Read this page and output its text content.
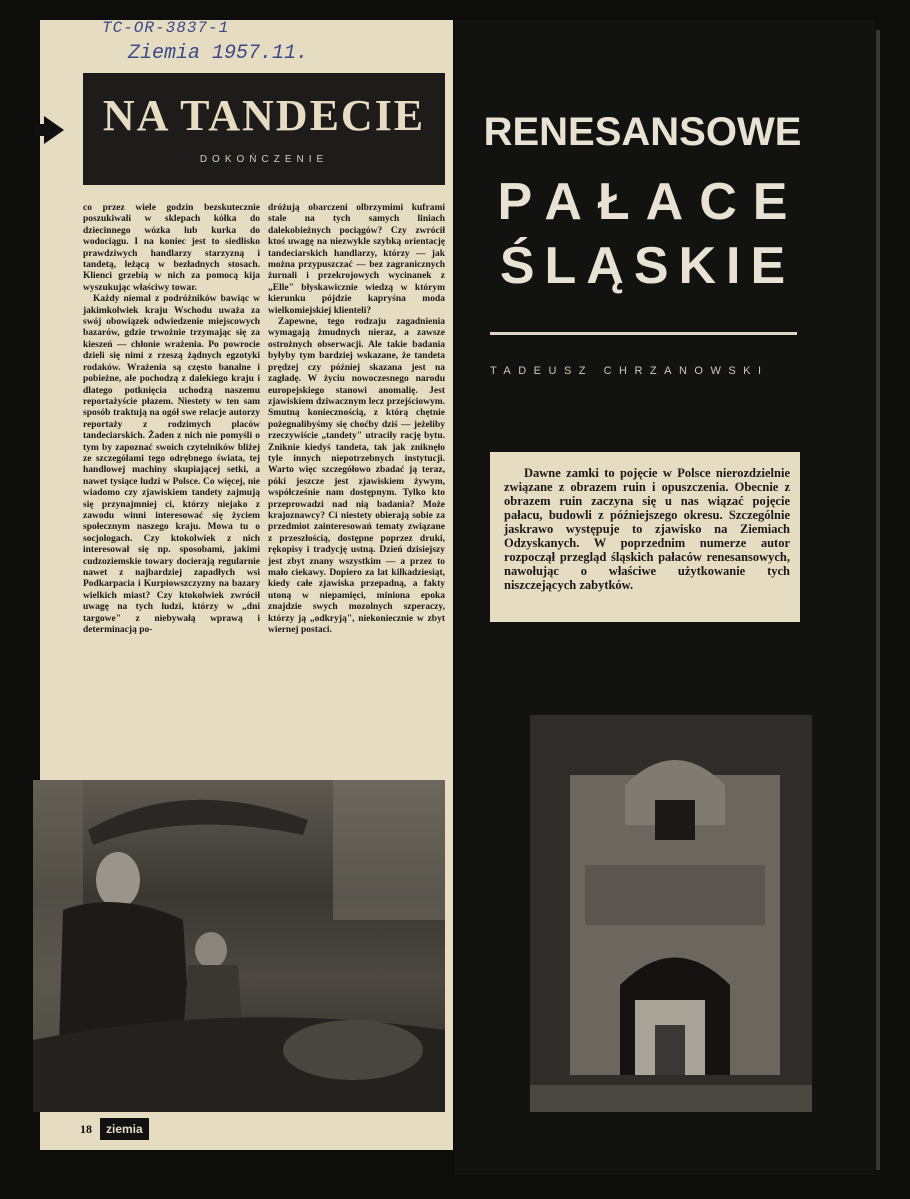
TC-OR-3837-1
Ziemia 1957.11.
NA TANDECIE
DOKOŃCZENIE

co przez wiele godzin bezskutecznie poszukiwali w sklepach kółka do dziecinnego wózka lub kurka do wodociągu. I na koniec jest to siedlisko prawdziwych handlarzy starzyzną i tandetą, leżącą w bezładnych stosach. Klienci grzebią w nich za pomocą kija wyszukując właściwy towar.

Każdy niemal z podróżników bawiąc w jakimkolwiek kraju Wschodu uważa za swój obowiązek odwiedzenie miejscowych bazarów, gdzie trwożnie trzymając się za kieszeń — chłonie wrażenia. Po powrocie dzieli się nimi z rzeszą żądnych egzotyki rodaków. Wrażenia są często banalne i pobieżne, ale pochodzą z dalekiego kraju i dlatego potknięcia uchodzą naszemu reportażyście płazem. Niestety w ten sam sposób traktują na ogół swe relacje autorzy reportaży z rodzimych placów tandeciarskich. Żaden z nich nie pomyśli o tym by zapoznać swoich czytelników bliżej ze szczegółami tego odrębnego świata, tej handlowej machiny skupiającej setki, a nawet tysiące ludzi w Polsce. Co więcej, nie wiadomo czy zjawiskiem tandety zajmują się przynajmniej ci, którzy niejako z zawodu winni interesować się życiem społecznym naszego kraju. Mowa tu o socjologach. Czy ktokolwiek z nich interesował się np. sposobami, jakimi cudzoziemskie towary docierają regularnie nawet z najbardziej zapadłych wsi Podkarpacia i Kurpiowszczyzny na bazary wielkich miast? Czy ktokolwiek zwrócił uwagę na tych ludzi, którzy w „dni targowe" z niebywałą wprawą i determinacją po-

dróżują obarczeni olbrzymimi kuframi stale na tych samych liniach dalekobieżnych pociągów? Czy zwrócił ktoś uwagę na niezwykle szybką orientację tandeciarskich handlarzy, którzy — jak można przypuszczać — bez zagranicznych żurnali i przekrojowych wycinanek z „Elle" błyskawicznie wiedzą w którym kierunku pójdzie kapryśna moda wielkomiejskiej klienteli?

Zapewne, tego rodzaju zagadnienia wymagają żmudnych nieraz, a zawsze ostrożnych obserwacji. Ale takie badania byłyby tym bardziej wskazane, że tandeta prędzej czy później skazana jest na zagładę. W życiu nowoczesnego narodu europejskiego stanowi anomalię. Jest zjawiskiem dziwacznym lecz przejściowym. Smutną koniecznością, z którą chętnie pożegnalibyśmy się choćby dziś — jeżeliby rzeczywiście „tandety" utraciły rację bytu. Zniknie kiedyś tandeta, tak jak zniknęło tyle innych niepotrzebnych instytucji. Warto więc szczegółowo zbadać ją teraz, póki jeszcze jest zjawiskiem żywym, współcześnie nam dostępnym. Tylko kto przeprowadzi nad nią badania? Może krajoznawcy? Ci niestety obierają sobie za przedmiot zainteresowań tematy związane z przeszłością, dostępne poprzez druki, rękopisy i tradycję ustną. Dzień dzisiejszy jest zbyt znany wszystkim — a przez to mało ciekawy. Dopiero za lat kilkadziesiąt, kiedy całe zjawiska przepadną, a fakty utoną w niepamięci, miniona epoka znajdzie swych mozolnych szperaczy, którzy ją „odkryją", niekoniecznie w zbyt wiernej postaci.

18	ziemia
RENESANSOWE
PAŁACE
ŚLĄSKIE
TADEUSZ CHRZANOWSKI

Dawne zamki to pojęcie w Polsce nierozdzielnie związane z obrazem ruin i opuszczenia. Obecnie z obrazem ruin zaczyna się u nas wiązać pojęcie pałacu, budowli z późniejszego okresu. Szczególnie jaskrawo występuje to zjawisko na Ziemiach Odzyskanych. W poprzednim numerze autor rozpoczął przegląd śląskich pałaców renesansowych, nawołując o właściwe użytkowanie tych niszczejących zabytków.
